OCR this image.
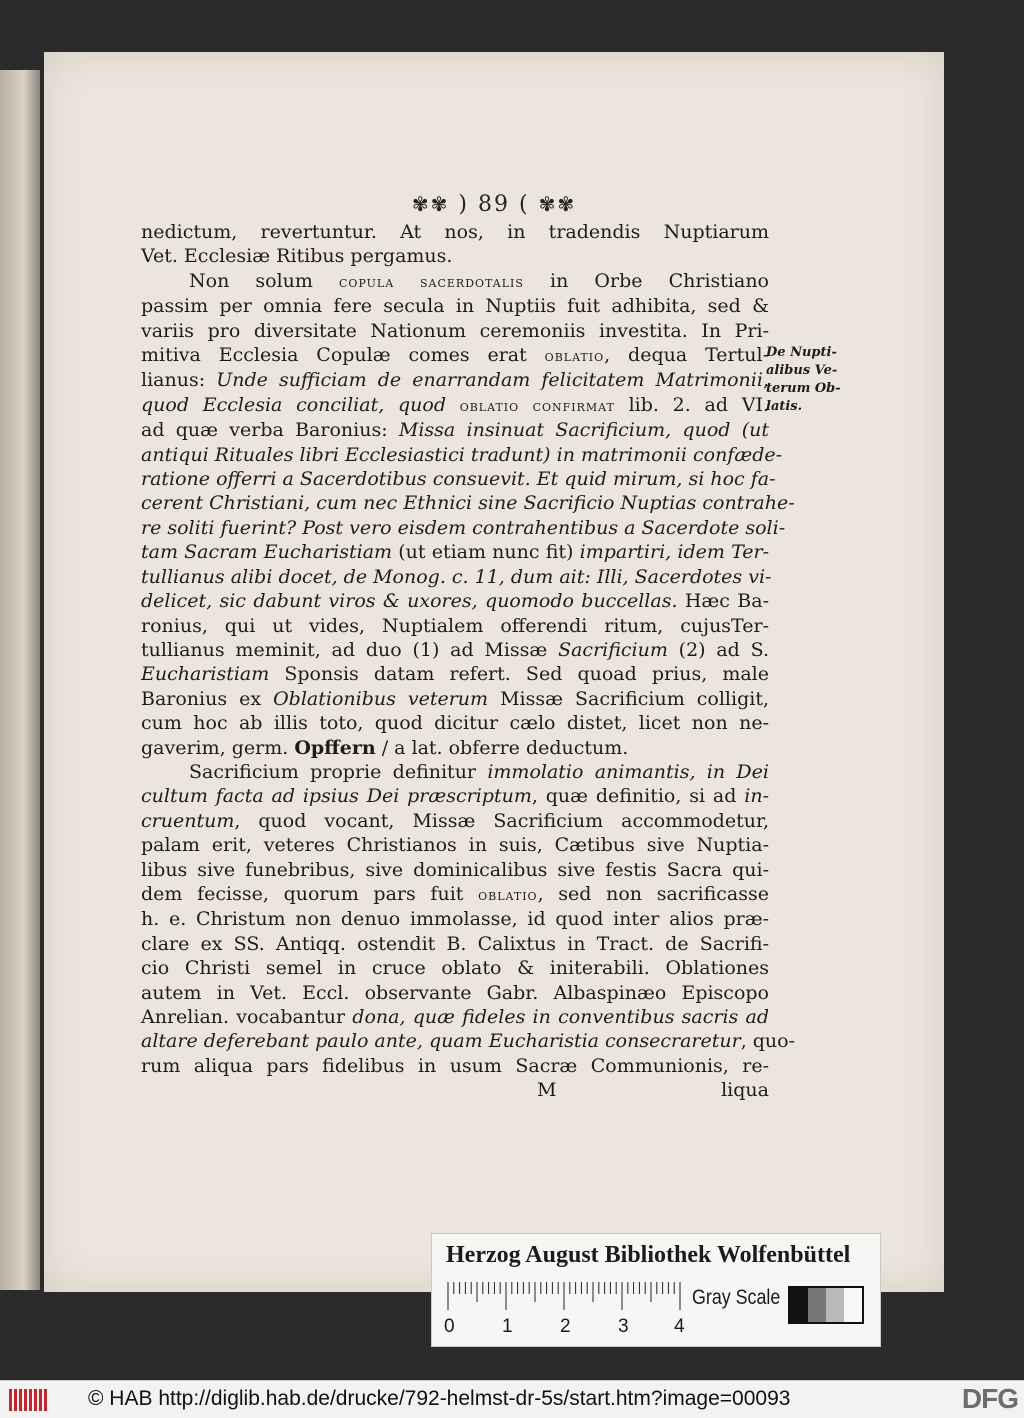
✾✾ ) 89 ( ✾✾
nedictum, revertuntur. At nos, in tradendis Nuptiarum
Vet. Ecclesiæ Ritibus pergamus.
Non solum copula sacerdotalis in Orbe Christiano
passim per omnia fere secula in Nuptiis fuit adhibita, sed &
variis pro diversitate Nationum ceremoniis investita. In Pri-
mitiva Ecclesia Copulæ comes erat oblatio, dequa Tertul-
lianus: Unde sufficiam de enarrandam felicitatem Matrimonii,
quod Ecclesia conciliat, quod oblatio confirmat lib. 2. ad VI.
ad quæ verba Baronius: Missa insinuat Sacrificium, quod (ut
antiqui Rituales libri Ecclesiastici tradunt) in matrimonii confæde-
ratione offerri a Sacerdotibus consuevit. Et quid mirum, si hoc fa-
cerent Christiani, cum nec Ethnici sine Sacrificio Nuptias contrahe-
re soliti fuerint? Post vero eisdem contrahentibus a Sacerdote soli-
tam Sacram Eucharistiam (ut etiam nunc fit) impartiri, idem Ter-
tullianus alibi docet, de Monog. c. 11, dum ait: Illi, Sacerdotes vi-
delicet, sic dabunt viros & uxores, quomodo buccellas. Hæc Ba-
ronius, qui ut vides, Nuptialem offerendi ritum, cujusTer-
tullianus meminit, ad duo (1) ad Missæ Sacrificium (2) ad S.
Eucharistiam Sponsis datam refert. Sed quoad prius, male
Baronius ex Oblationibus veterum Missæ Sacrificium colligit,
cum hoc ab illis toto, quod dicitur cælo distet, licet non ne-
gaverim, germ. Opffern / a lat. obferre deductum.
Sacrificium proprie definitur immolatio animantis, in Dei
cultum facta ad ipsius Dei præscriptum, quæ definitio, si ad in-
cruentum, quod vocant, Missæ Sacrificium accommodetur,
palam erit, veteres Christianos in suis, Cætibus sive Nuptia-
libus sive funebribus, sive dominicalibus sive festis Sacra qui-
dem fecisse, quorum pars fuit oblatio, sed non sacrificasse
h. e. Christum non denuo immolasse, id quod inter alios præ-
clare ex SS. Antiqq. ostendit B. Calixtus in Tract. de Sacrifi-
cio Christi semel in cruce oblato & initerabili. Oblationes
autem in Vet. Eccl. observante Gabr. Albaspinæo Episcopo
Anrelian. vocabantur dona, quæ fideles in conventibus sacris ad
altare deferebant paulo ante, quam Eucharistia consecraretur, quo-
rum aliqua pars fidelibus in usum Sacræ Communionis, re-
M	liqua
De Nupti-
alibus Ve-
terum Ob-
latis.
Herzog August Bibliothek Wolfenbüttel
0 1 2 3 4
Gray Scale
© HAB http://diglib.hab.de/drucke/792-helmst-dr-5s/start.htm?image=00093	DFG
